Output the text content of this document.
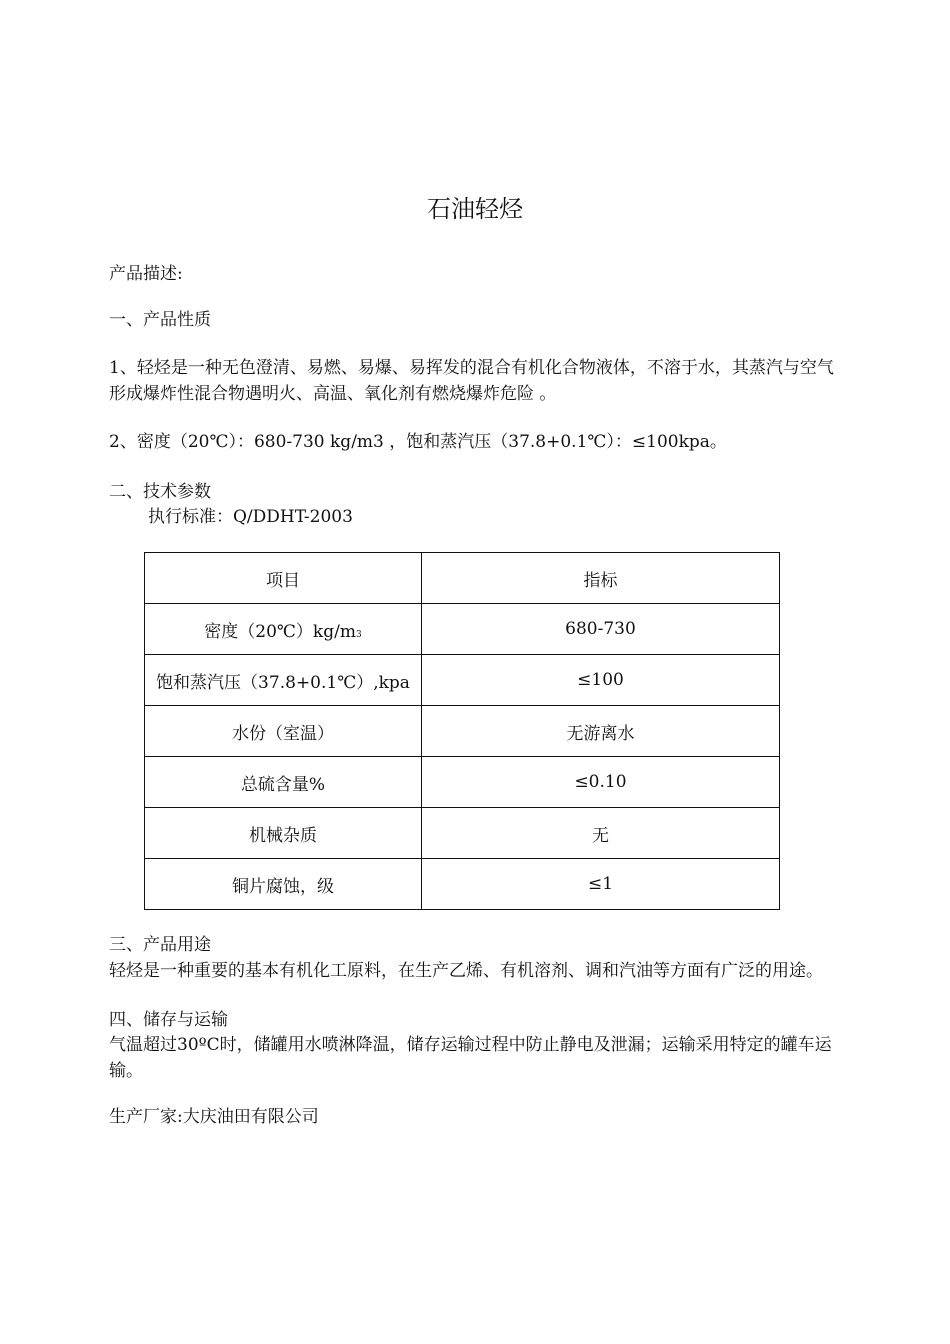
石油轻烃
产品描述:
一、产品性质
1、轻烃是一种无色澄清、易燃、易爆、易挥发的混合有机化合物液体，不溶于水，其蒸汽与空气形成爆炸性混合物遇明火、高温、氧化剂有燃烧爆炸危险 。
2、密度（20℃）：680-730 kg/m3 ，饱和蒸汽压（37.8+0.1℃）：≤100kpa。
二、技术参数
执行标准：Q/DDHT-2003
项目	指标
密度（20℃）kg/m3	680-730
饱和蒸汽压（37.8+0.1℃）,kpa	≤100
水份（室温）	无游离水
总硫含量%	≤0.10
机械杂质	无
铜片腐蚀，级	≤1
三、产品用途
轻烃是一种重要的基本有机化工原料，在生产乙烯、有机溶剂、调和汽油等方面有广泛的用途。
四、储存与运输
气温超过30ºC时，储罐用水喷淋降温，储存运输过程中防止静电及泄漏；运输采用特定的罐车运输。
生产厂家:大庆油田有限公司
